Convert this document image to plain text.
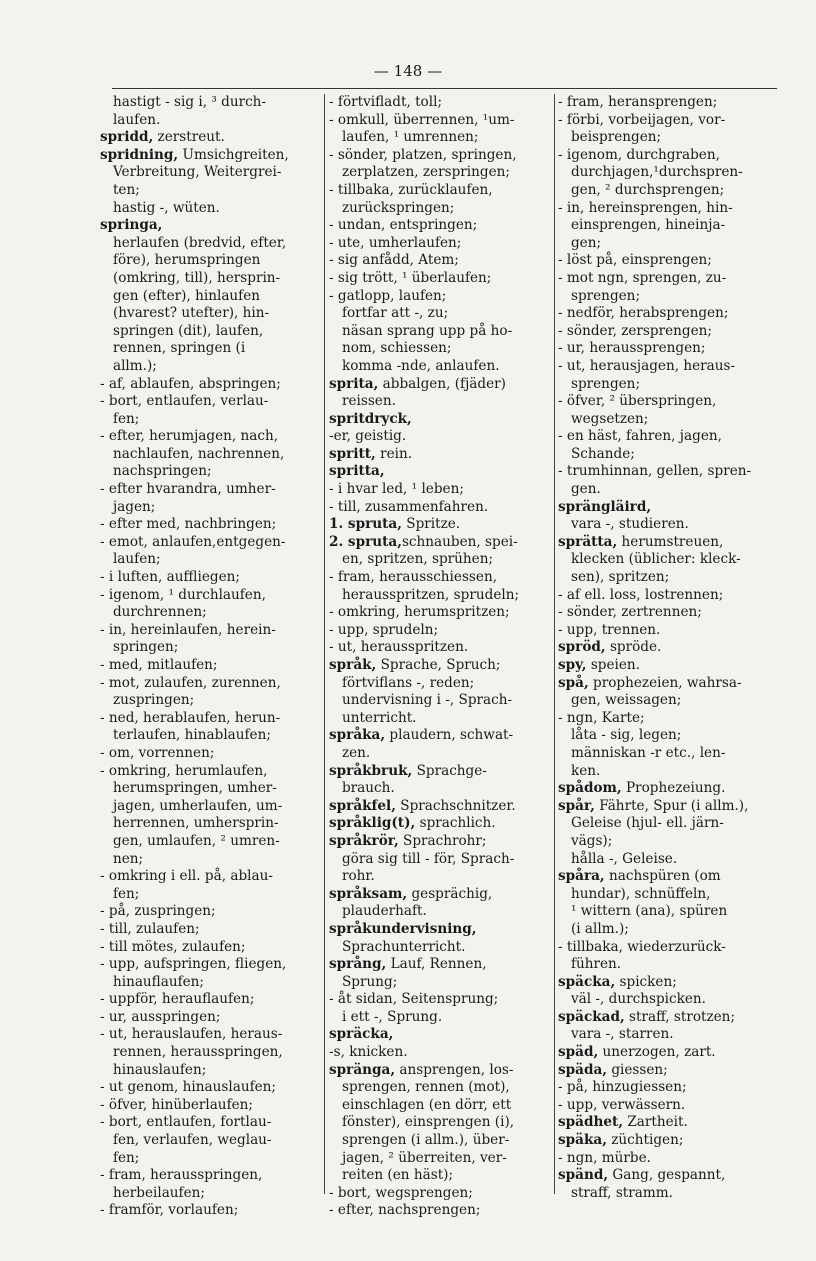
— 148 —
hastigt - sig i, ³ durch-
laufen.
spridd, zerstreut.
spridning, Umsichgreiten,
Verbreitung, Weitergrei-
ten;
hastig -, wüten.
springa,
herlaufen (bredvid, efter,
före), herumspringen
(omkring, till), hersprin-
gen (efter), hinlaufen
(hvarest? utefter), hin-
springen (dit), laufen,
rennen, springen (i
allm.);
- af, ablaufen, abspringen;
- bort, entlaufen, verlau-
fen;
- efter, herumjagen, nach,
nachlaufen, nachrennen,
nachspringen;
- efter hvarandra, umher-
jagen;
- efter med, nachbringen;
- emot, anlaufen,entgegen-
laufen;
- i luften, auffliegen;
- igenom, ¹ durchlaufen,
durchrennen;
- in, hereinlaufen, herein-
springen;
- med, mitlaufen;
- mot, zulaufen, zurennen,
zuspringen;
- ned, herablaufen, herun-
terlaufen, hinablaufen;
- om, vorrennen;
- omkring, herumlaufen,
herumspringen, umher-
jagen, umherlaufen, um-
herrennen, umhersprin-
gen, umlaufen, ² umren-
nen;
- omkring i ell. på, ablau-
fen;
- på, zuspringen;
- till, zulaufen;
- till mötes, zulaufen;
- upp, aufspringen, fliegen,
hinauflaufen;
- uppför, herauflaufen;
- ur, ausspringen;
- ut, herauslaufen, heraus-
rennen, herausspringen,
hinauslaufen;
- ut genom, hinauslaufen;
- öfver, hinüberlaufen;
- bort, entlaufen, fortlau-
fen, verlaufen, weglau-
fen;
- fram, herausspringen,
herbeilaufen;
- framför, vorlaufen;
- förtvifladt, toll;
- omkull, überrennen, ¹um-
laufen, ¹ umrennen;
- sönder, platzen, springen,
zerplatzen, zerspringen;
- tillbaka, zurücklaufen,
zurückspringen;
- undan, entspringen;
- ute, umherlaufen;
- sig anfådd, Atem;
- sig trött, ¹ überlaufen;
- gatlopp, laufen;
fortfar att -, zu;
näsan sprang upp på ho-
nom, schiessen;
komma -nde, anlaufen.
sprita, abbalgen, (fjäder)
reissen.
spritdryck,
-er, geistig.
spritt, rein.
spritta,
- i hvar led, ¹ leben;
- till, zusammenfahren.
1. spruta, Spritze.
2. spruta,schnauben, spei-
en, spritzen, sprühen;
- fram, herausschiessen,
herausspritzen, sprudeln;
- omkring, herumspritzen;
- upp, sprudeln;
- ut, herausspritzen.
språk, Sprache, Spruch;
förtviflans -, reden;
undervisning i -, Sprach-
unterricht.
språka, plaudern, schwat-
zen.
språkbruk, Sprachge-
brauch.
språkfel, Sprachschnitzer.
språklig(t), sprachlich.
språkrör, Sprachrohr;
göra sig till - för, Sprach-
rohr.
språksam, gesprächig,
plauderhaft.
språkundervisning,
Sprachunterricht.
språng, Lauf, Rennen,
Sprung;
- åt sidan, Seitensprung;
i ett -, Sprung.
spräcka,
-s, knicken.
spränga, ansprengen, los-
sprengen, rennen (mot),
einschlagen (en dörr, ett
fönster), einsprengen (i),
sprengen (i allm.), über-
jagen, ² überreiten, ver-
reiten (en häst);
- bort, wegsprengen;
- efter, nachsprengen;
- fram, heransprengen;
- förbi, vorbeijagen, vor-
beisprengen;
- igenom, durchgraben,
durchjagen,¹durchspren-
gen, ² durchsprengen;
- in, hereinsprengen, hin-
einsprengen, hineinja-
gen;
- löst på, einsprengen;
- mot ngn, sprengen, zu-
sprengen;
- nedför, herabsprengen;
- sönder, zersprengen;
- ur, heraussprengen;
- ut, herausjagen, heraus-
sprengen;
- öfver, ² überspringen,
wegsetzen;
- en häst, fahren, jagen,
Schande;
- trumhinnan, gellen, spren-
gen.
sprängläird,
vara -, studieren.
sprätta, herumstreuen,
klecken (üblicher: kleck-
sen), spritzen;
- af ell. loss, lostrennen;
- sönder, zertrennen;
- upp, trennen.
spröd, spröde.
spy, speien.
spå, prophezeien, wahrsa-
gen, weissagen;
- ngn, Karte;
låta - sig, legen;
människan -r etc., len-
ken.
spådom, Prophezeiung.
spår, Fährte, Spur (i allm.),
Geleise (hjul- ell. järn-
vägs);
hålla -, Geleise.
spåra, nachspüren (om
hundar), schnüffeln,
¹ wittern (ana), spüren
(i allm.);
- tillbaka, wiederzurück-
führen.
späcka, spicken;
väl -, durchspicken.
späckad, straff, strotzen;
vara -, starren.
späd, unerzogen, zart.
späda, giessen;
- på, hinzugiessen;
- upp, verwässern.
spädhet, Zartheit.
späka, züchtigen;
- ngn, mürbe.
spänd, Gang, gespannt,
straff, stramm.
